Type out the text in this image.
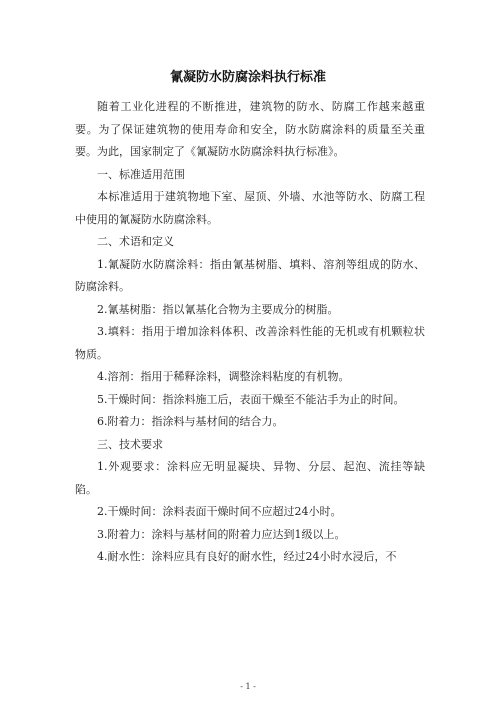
氰凝防水防腐涂料执行标准

随着工业化进程的不断推进，建筑物的防水、防腐工作越来越重要。为了保证建筑物的使用寿命和安全，防水防腐涂料的质量至关重要。为此，国家制定了《氰凝防水防腐涂料执行标准》。

一、标准适用范围

本标准适用于建筑物地下室、屋顶、外墙、水池等防水、防腐工程中使用的氰凝防水防腐涂料。

二、术语和定义

1.氰凝防水防腐涂料：指由氰基树脂、填料、溶剂等组成的防水、防腐涂料。

2.氰基树脂：指以氰基化合物为主要成分的树脂。

3.填料：指用于增加涂料体积、改善涂料性能的无机或有机颗粒状物质。

4.溶剂：指用于稀释涂料，调整涂料粘度的有机物。

5.干燥时间：指涂料施工后，表面干燥至不能沾手为止的时间。

6.附着力：指涂料与基材间的结合力。

三、技术要求

1.外观要求：涂料应无明显凝块、异物、分层、起泡、流挂等缺陷。

2.干燥时间：涂料表面干燥时间不应超过24小时。

3.附着力：涂料与基材间的附着力应达到1级以上。

4.耐水性：涂料应具有良好的耐水性，经过24小时水浸后，不

- 1 -
